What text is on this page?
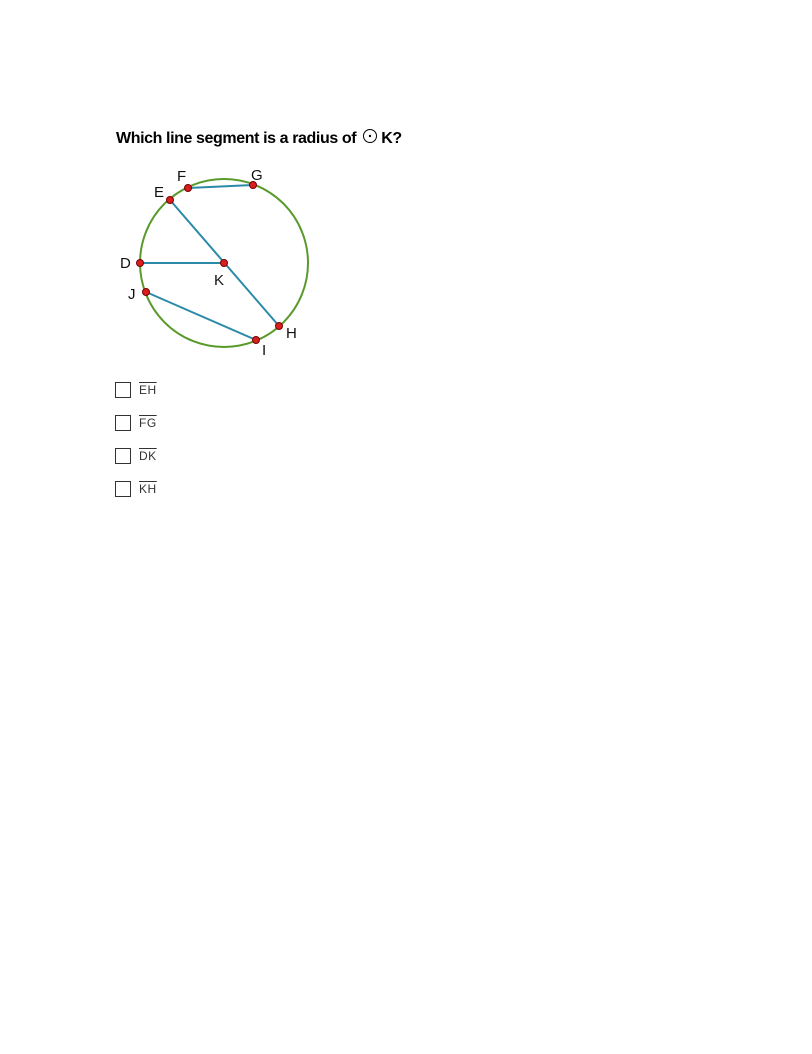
Which line segment is a radius of K?
E
F	G
D
K
J
H
I
$\overline{EH}$
$\overline{FG}$
$\overline{DK}$
$\overline{KH}$
